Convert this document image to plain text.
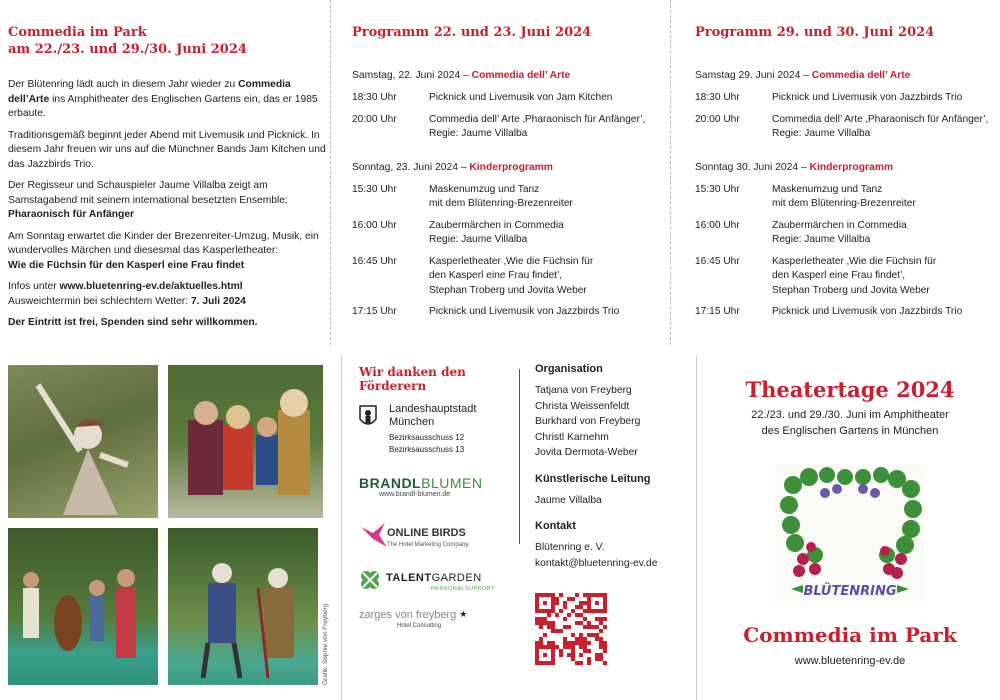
Commedia im Park
am 22./23. und 29./30. Juni 2024

Der Blütenring lädt auch in diesem Jahr wieder zu Commedia dell’Arte ins Amphitheater des Englischen Gartens ein, das er 1985 erbaute.

Traditionsgemäß beginnt jeder Abend mit Livemusik und Picknick. In diesem Jahr freuen wir uns auf die Münchner Bands Jam Kitchen und das Jazzbirds Trio.

Der Regisseur und Schauspieler Jaume Villalba zeigt am Samstagabend mit seinem international besetzten Ensemble:
Pharaonisch für Anfänger

Am Sonntag erwartet die Kinder der Brezenreiter-Umzug, Musik, ein wundervolles Märchen und diesesmal das Kasperletheater:
Wie die Füchsin für den Kasperl eine Frau findet

Infos unter www.bluetenring-ev.de/aktuelles.html
Ausweichtermin bei schlechtem Wetter: 7. Juli 2024

Der Eintritt ist frei, Spenden sind sehr willkommen.

Programm 22. und 23. Juni 2024
Samstag, 22. Juni 2024 – Commedia dell’ Arte
18:30 Uhr	Picknick und Livemusik von Jam Kitchen
20:00 Uhr	Commedia dell’ Arte ‚Pharaonisch für Anfänger’,
Regie: Jaume Villalba
Sonntag, 23. Juni 2024 – Kinderprogramm
15:30 Uhr	Maskenumzug und Tanz
mit dem Blütenring-Brezenreiter
16:00 Uhr	Zaubermärchen in Commedia
Regie: Jaume Villalba
16:45 Uhr	Kasperletheater ‚Wie die Füchsin für
den Kasperl eine Frau findet’,
Stephan Troberg und Jovita Weber
17:15 Uhr	Picknick und Livemusik von Jazzbirds Trio
Programm 29. und 30. Juni 2024
Samstag 29. Juni 2024 – Commedia dell’ Arte
18:30 Uhr	Picknick und Livemusik von Jazzbirds Trio
20:00 Uhr	Commedia dell’ Arte ‚Pharaonisch für Anfänger’,
Regie: Jaume Villalba
Sonntag 30. Juni 2024 – Kinderprogramm
15:30 Uhr	Maskenumzug und Tanz
mit dem Blütenring-Brezenreiter
16:00 Uhr	Zaubermärchen in Commedia
Regie: Jaume Villalba
16:45 Uhr	Kasperletheater ‚Wie die Füchsin für
den Kasperl eine Frau findet’,
Stephan Troberg und Jovita Weber
17:15 Uhr	Picknick und Livemusik von Jazzbirds Trio
Grafik: Sophie von Freyberg
Wir danken den Förderern
Landeshauptstadt
München
Bezirksausschuss 12
Bezirksausschuss 13
BRANDLBLUMEN
www.brandl-blumen.de
ONLINE BIRDS
The Hotel Marketing Company.
TALENTGARDEN
PERSONALSUPPORT
zarges von freyberg ★
Hotel Consulting
Organisation
Tatjana von Freyberg
Christa Weissenfeldt
Burkhard von Freyberg
Christl Karnehm
Jovita Dermota-Weber
Künstlerische Leitung
Jaume Villalba
Kontakt
Blütenring e. V.
kontakt@bluetenring-ev.de
Theatertage 2024
22./23. und 29./30. Juni im Amphitheater
des Englischen Gartens in München
BLÜTENRING
Commedia im Park
www.bluetenring-ev.de
